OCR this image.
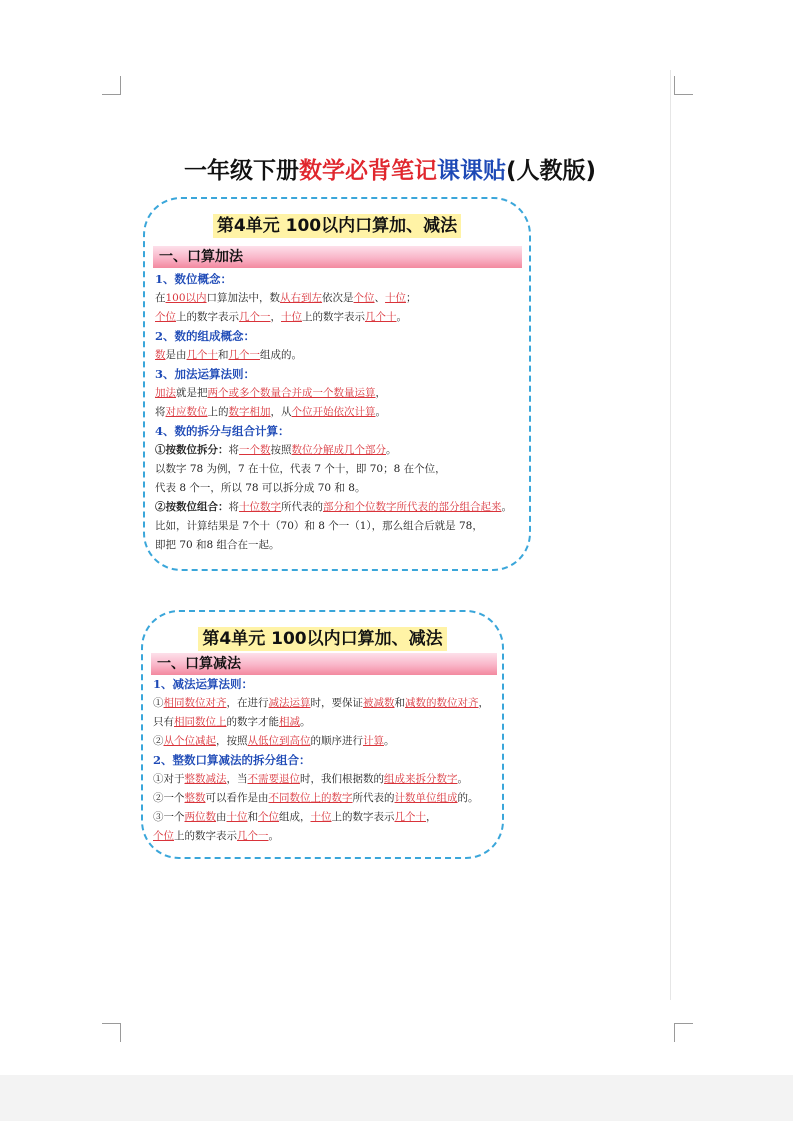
一年级下册数学必背笔记课课贴(人教版)
第4单元 100以内口算加、减法
一、口算加法
1、数位概念：
在100以内口算加法中，数从右到左依次是个位、十位；
个位上的数字表示几个一，十位上的数字表示几个十。
2、数的组成概念：
数是由几个十和几个一组成的。
3、加法运算法则：
加法就是把两个或多个数量合并成一个数量运算，
将对应数位上的数字相加，从个位开始依次计算。
4、数的拆分与组合计算：
①按数位拆分：将一个数按照数位分解成几个部分。
以数字 78 为例，7 在十位，代表 7 个十，即 70；8 在个位，
代表 8 个一，所以 78 可以拆分成 70 和 8。
②按数位组合：将十位数字所代表的部分和个位数字所代表的部分组合起来。
比如，计算结果是 7个十（70）和 8 个一（1），那么组合后就是 78，
即把 70 和8 组合在一起。
第4单元 100以内口算加、减法
一、口算减法
1、减法运算法则：
①相同数位对齐，在进行减法运算时，要保证被减数和减数的数位对齐，
只有相同数位上的数字才能相减。
②从个位减起，按照从低位到高位的顺序进行计算。
2、整数口算减法的拆分组合：
①对于整数减法，当不需要退位时，我们根据数的组成来拆分数字。
②一个整数可以看作是由不同数位上的数字所代表的计数单位组成的。
③一个两位数由十位和个位组成，十位上的数字表示几个十，
个位上的数字表示几个一。
